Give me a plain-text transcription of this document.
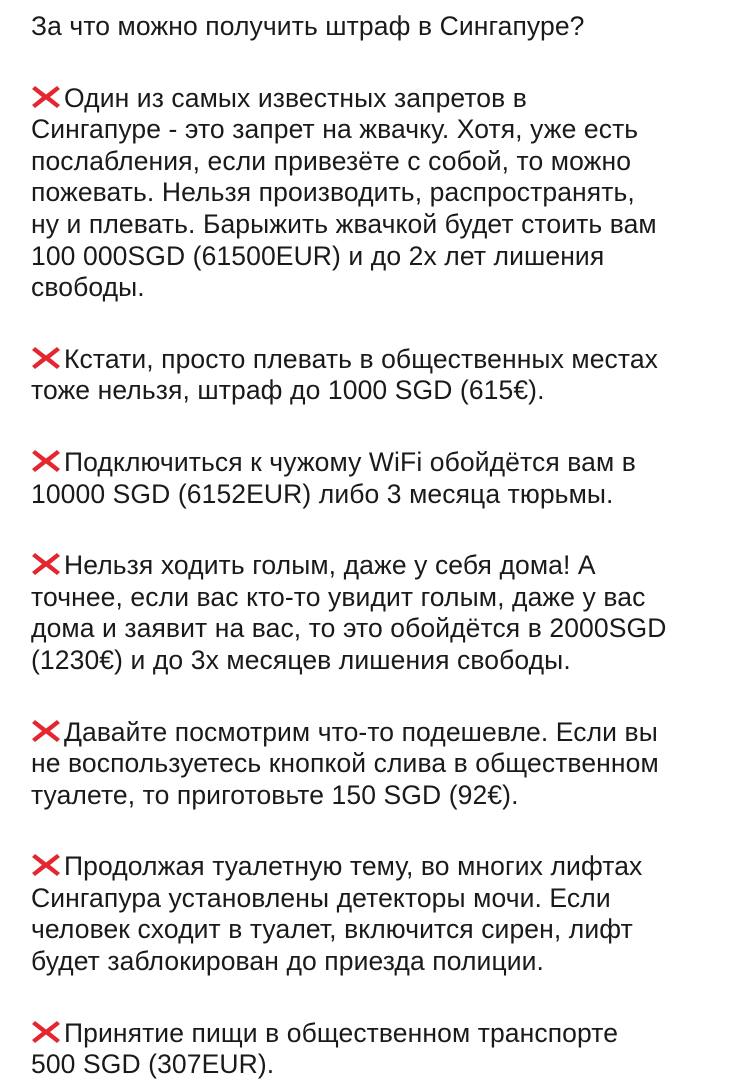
За что можно получить штраф в Сингапуре?

Один из самых известных запретов в
Сингапуре - это запрет на жвачку. Хотя, уже есть
послабления, если привезёте с собой, то можно
пожевать. Нельзя производить, распространять,
ну и плевать. Барыжить жвачкой будет стоить вам
100 000SGD (61500EUR) и до 2х лет лишения
свободы.
Кстати, просто плевать в общественных местах
тоже нельзя, штраф до 1000 SGD (615€).
Подключиться к чужому WiFi обойдётся вам в
10000 SGD (6152EUR) либо 3 месяца тюрьмы.
Нельзя ходить голым, даже у себя дома! А
точнее, если вас кто-то увидит голым, даже у вас
дома и заявит на вас, то это обойдётся в 2000SGD
(1230€) и до 3х месяцев лишения свободы.
Давайте посмотрим что-то подешевле. Если вы
не воспользуетесь кнопкой слива в общественном
туалете, то приготовьте 150 SGD (92€).
Продолжая туалетную тему, во многих лифтах
Сингапура установлены детекторы мочи. Если
человек сходит в туалет, включится сирен, лифт
будет заблокирован до приезда полиции.
Принятие пищи в общественном транспорте
500 SGD (307EUR).
